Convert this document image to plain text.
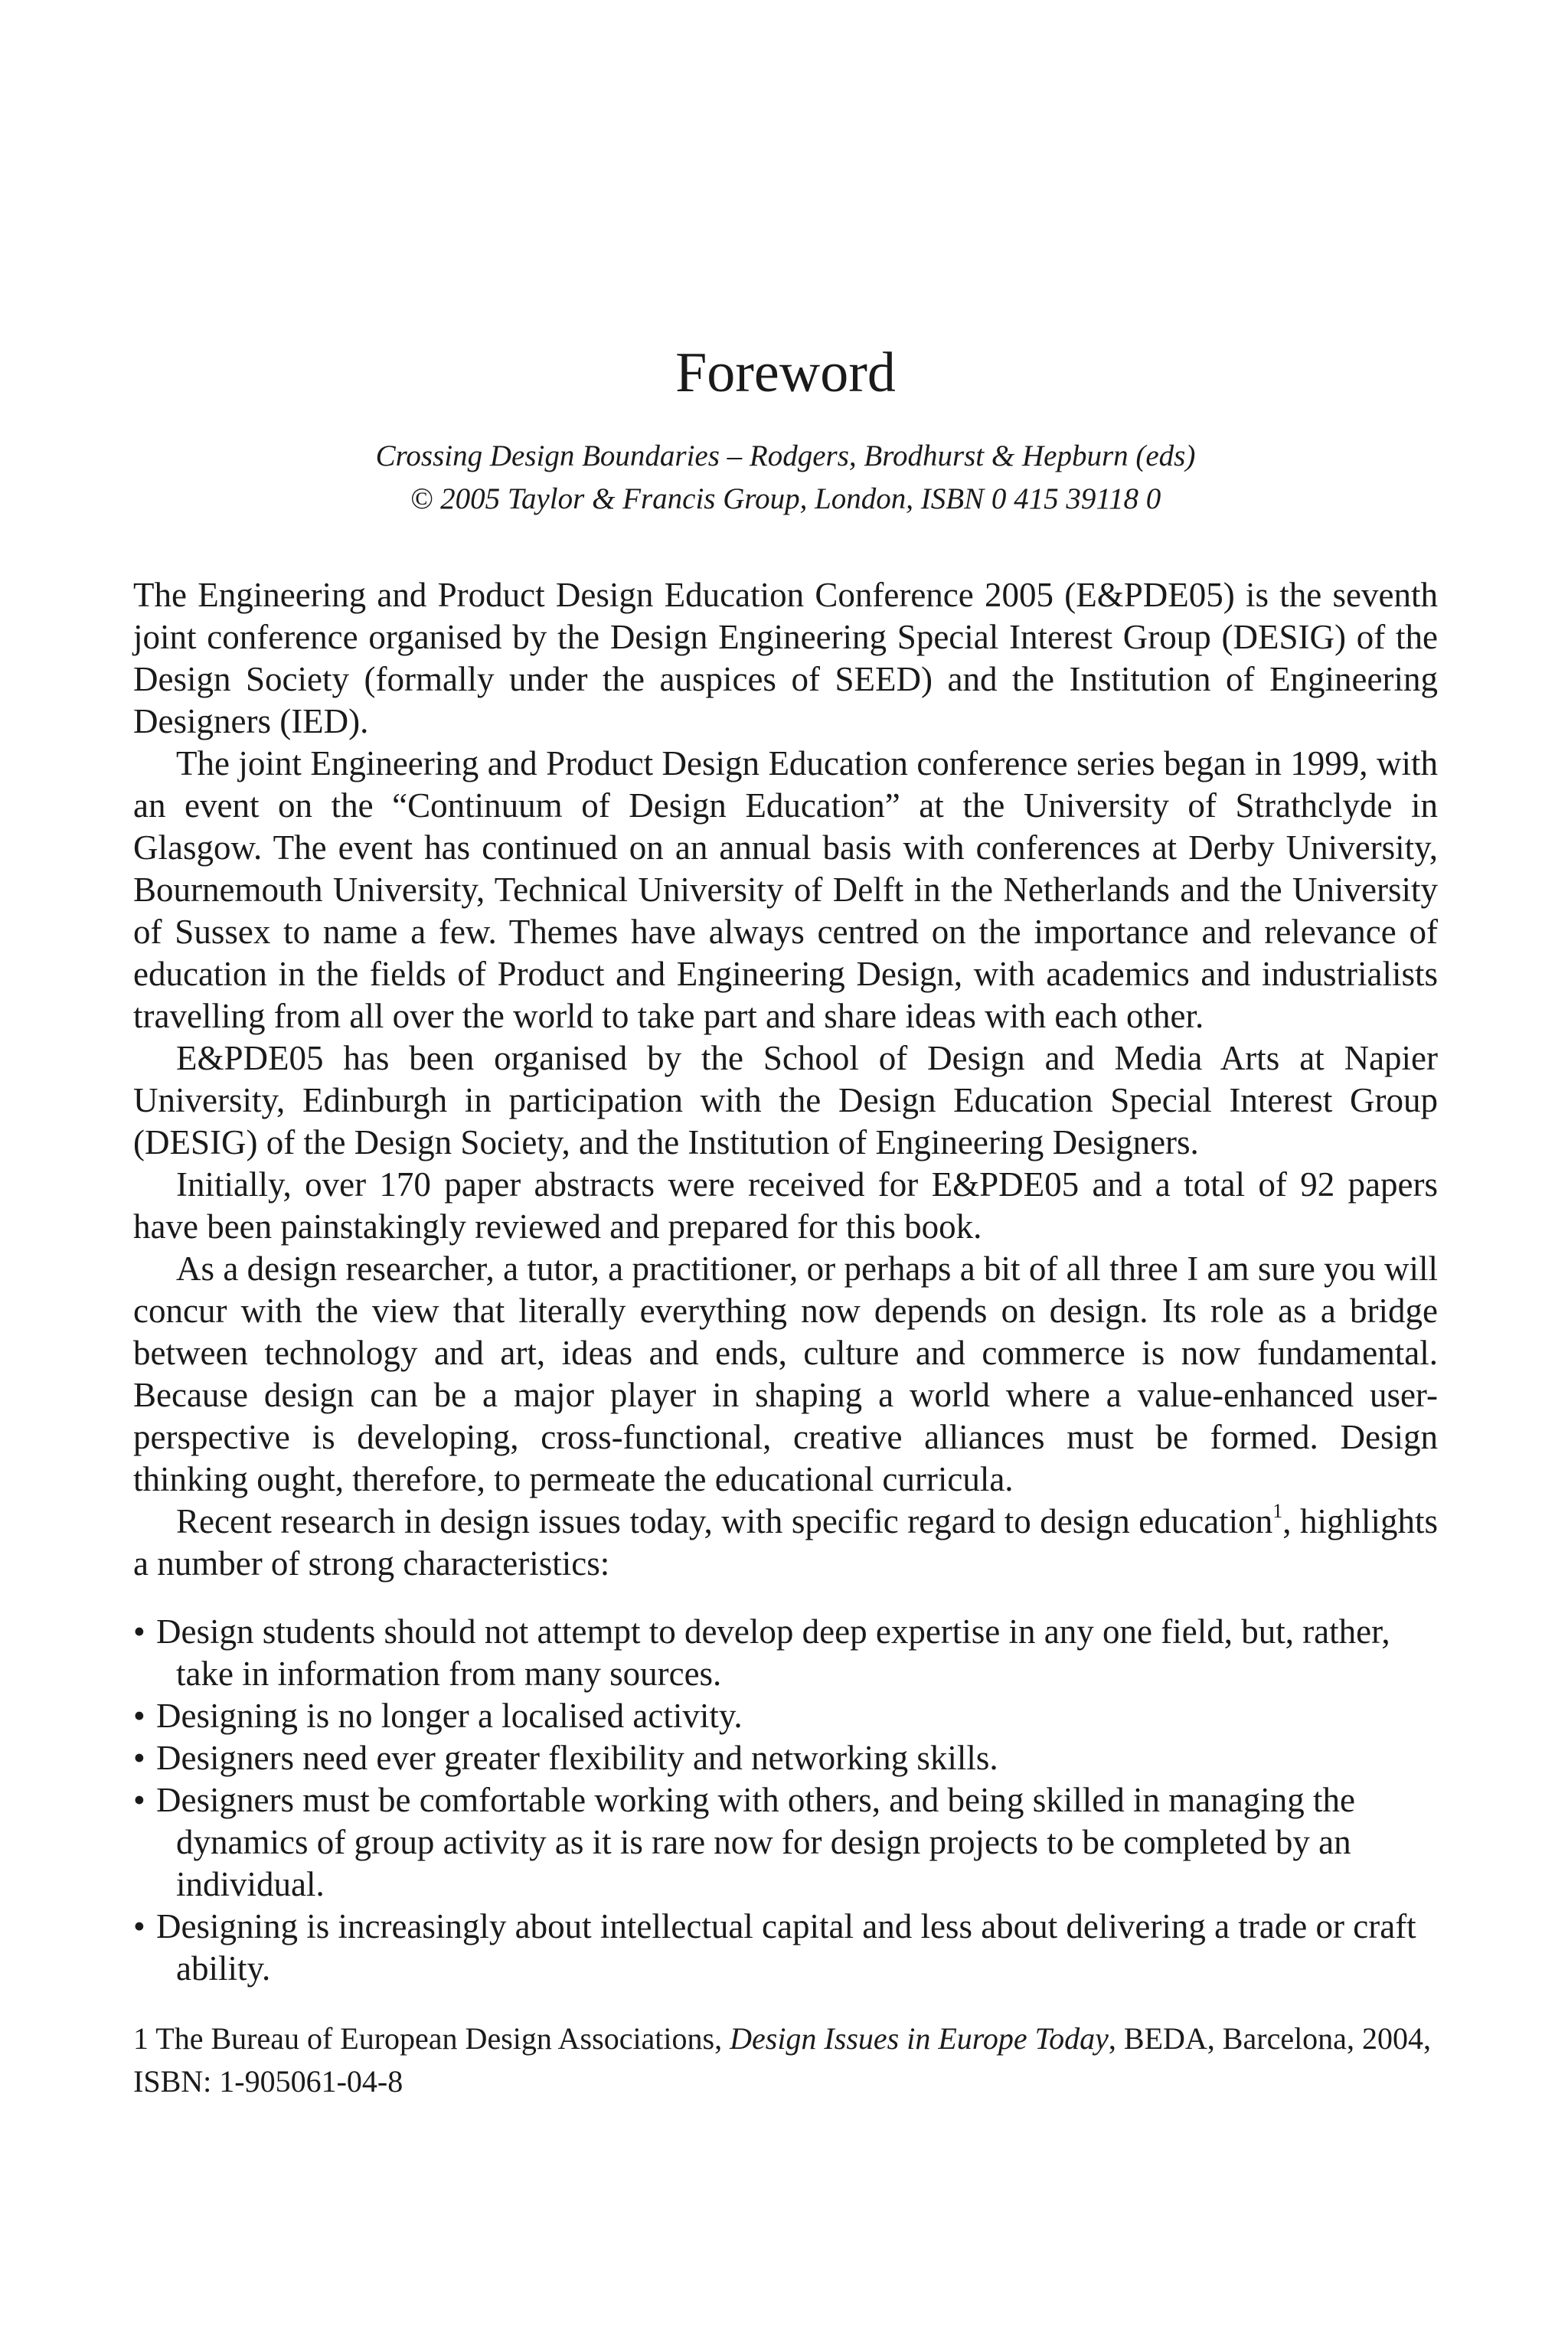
Foreword

Crossing Design Boundaries – Rodgers, Brodhurst & Hepburn (eds)

© 2005 Taylor & Francis Group, London, ISBN 0 415 39118 0

The Engineering and Product Design Education Conference 2005 (E&PDE05) is the seventh joint conference organised by the Design Engineering Special Interest Group (DESIG) of the Design Society (formally under the auspices of SEED) and the Institution of Engineering Designers (IED).

The joint Engineering and Product Design Education conference series began in 1999, with an event on the “Continuum of Design Education” at the University of Strathclyde in Glasgow. The event has continued on an annual basis with conferences at Derby University, Bournemouth University, Technical University of Delft in the Netherlands and the University of Sussex to name a few. Themes have always centred on the importance and relevance of education in the fields of Product and Engineering Design, with academics and industrialists travelling from all over the world to take part and share ideas with each other.

E&PDE05 has been organised by the School of Design and Media Arts at Napier University, Edinburgh in participation with the Design Education Special Interest Group (DESIG) of the Design Society, and the Institution of Engineering Designers.

Initially, over 170 paper abstracts were received for E&PDE05 and a total of 92 papers have been painstakingly reviewed and prepared for this book.

As a design researcher, a tutor, a practitioner, or perhaps a bit of all three I am sure you will concur with the view that literally everything now depends on design. Its role as a bridge between technology and art, ideas and ends, culture and commerce is now fundamental. Because design can be a major player in shaping a world where a value-enhanced user-perspective is developing, cross-functional, creative alliances must be formed. Design thinking ought, therefore, to permeate the educational curricula.

Recent research in design issues today, with specific regard to design education$^1$, highlights a number of strong characteristics:

• Design students should not attempt to develop deep expertise in any one field, but, rather, take in information from many sources.
• Designing is no longer a localised activity.
• Designers need ever greater flexibility and networking skills.
• Designers must be comfortable working with others, and being skilled in managing the dynamics of group activity as it is rare now for design projects to be completed by an individual.
• Designing is increasingly about intellectual capital and less about delivering a trade or craft ability.
1 The Bureau of European Design Associations, Design Issues in Europe Today, BEDA, Barcelona, 2004, ISBN: 1-905061-04-8
